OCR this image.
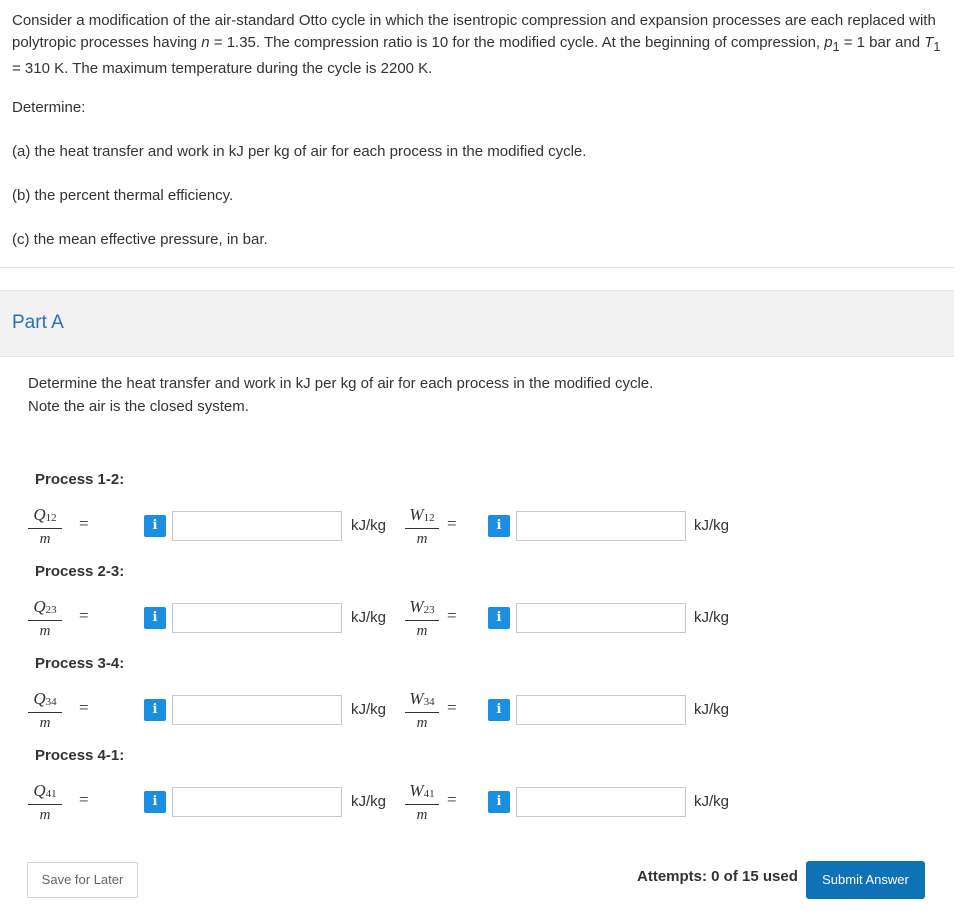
Consider a modification of the air-standard Otto cycle in which the isentropic compression and expansion processes are each replaced with polytropic processes having n = 1.35. The compression ratio is 10 for the modified cycle. At the beginning of compression, $p_1 = 1$ bar and $T_1 = 310$ K. The maximum temperature during the cycle is 2200 K.

Determine:

(a) the heat transfer and work in kJ per kg of air for each process in the modified cycle.

(b) the percent thermal efficiency.

(c) the mean effective pressure, in bar.

Part A
Determine the heat transfer and work in kJ per kg of air for each process in the modified cycle.
Note the air is the closed system.
Process 1-2:
$\frac{Q_{12}}{m}$ =	i	$kJ/kg \frac{W_{12}}{m}$ =	i	kJ/kg
Process 2-3:
$\frac{Q_{23}}{m}$ =	i	$kJ/kg \frac{W_{23}}{m}$ =	i	kJ/kg
Process 3-4:
$\frac{Q_{34}}{m}$ =	i	$kJ/kg \frac{W_{34}}{m}$ =	i	kJ/kg
Process 4-1:
$\frac{Q_{41}}{m}$ =	i	$kJ/kg \frac{W_{41}}{m}$ =	i	kJ/kg
Save for Later	Attempts: 0 of 15 used	Submit Answer
